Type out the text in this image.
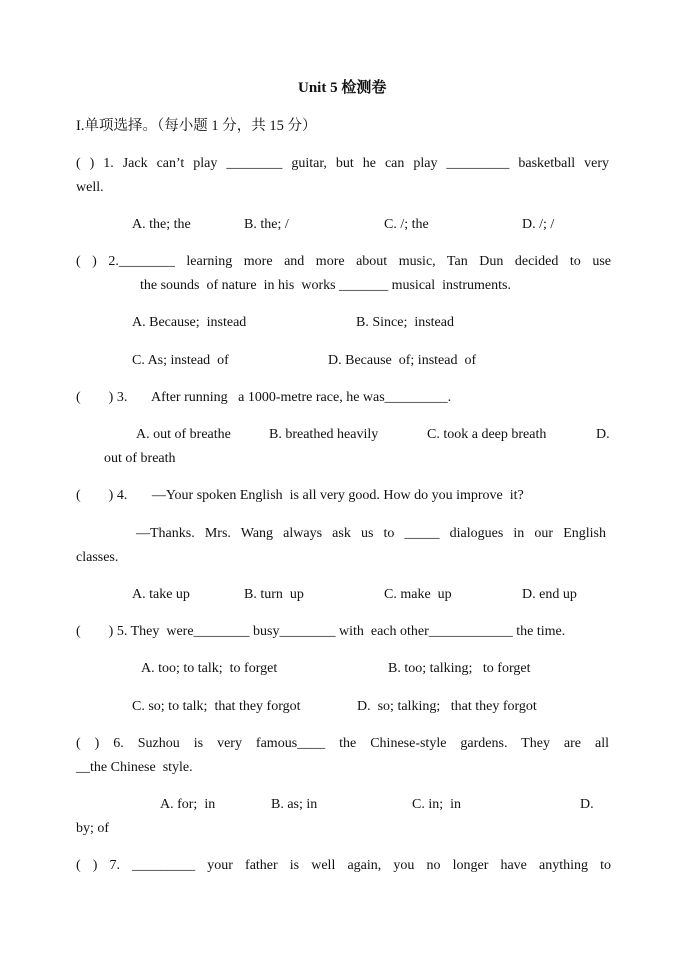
Unit 5 检测卷
I.单项选择。（每小题 1 分，共 15 分）
( ) 1. Jack can’t play ________ guitar, but he can play _________ basketball very
well.
A. the; the	B. the; /	C. /; the	D. /; /
( ) 2.________ learning more and more about music, Tan Dun decided to use
the sounds  of nature  in his  works _______ musical  instruments.
A. Because;  instead	B. Since;  instead
C. As; instead  of	D. Because  of; instead  of
(        ) 3.       After running   a 1000-metre race, he was_________.
A. out of breathe	B. breathed heavily	C. took a deep breath	D.
out of breath
(        ) 4.       —Your spoken English  is all very good. How do you improve  it?
—Thanks. Mrs. Wang always ask us to _____ dialogues in our English
classes.
A. take up	B. turn  up	C. make  up	D. end up
(        ) 5. They  were________ busy________ with  each other____________ the time.
A. too; to talk;  to forget	B. too; talking;   to forget
C. so; to talk;  that they forgot	D.  so; talking;   that they forgot
( ) 6. Suzhou is very famous____ the Chinese-style gardens. They are all
__the Chinese  style.
A. for;  in	B. as; in	C. in;  in	D.
by; of
( ) 7. _________ your father is well again, you no longer have anything to
